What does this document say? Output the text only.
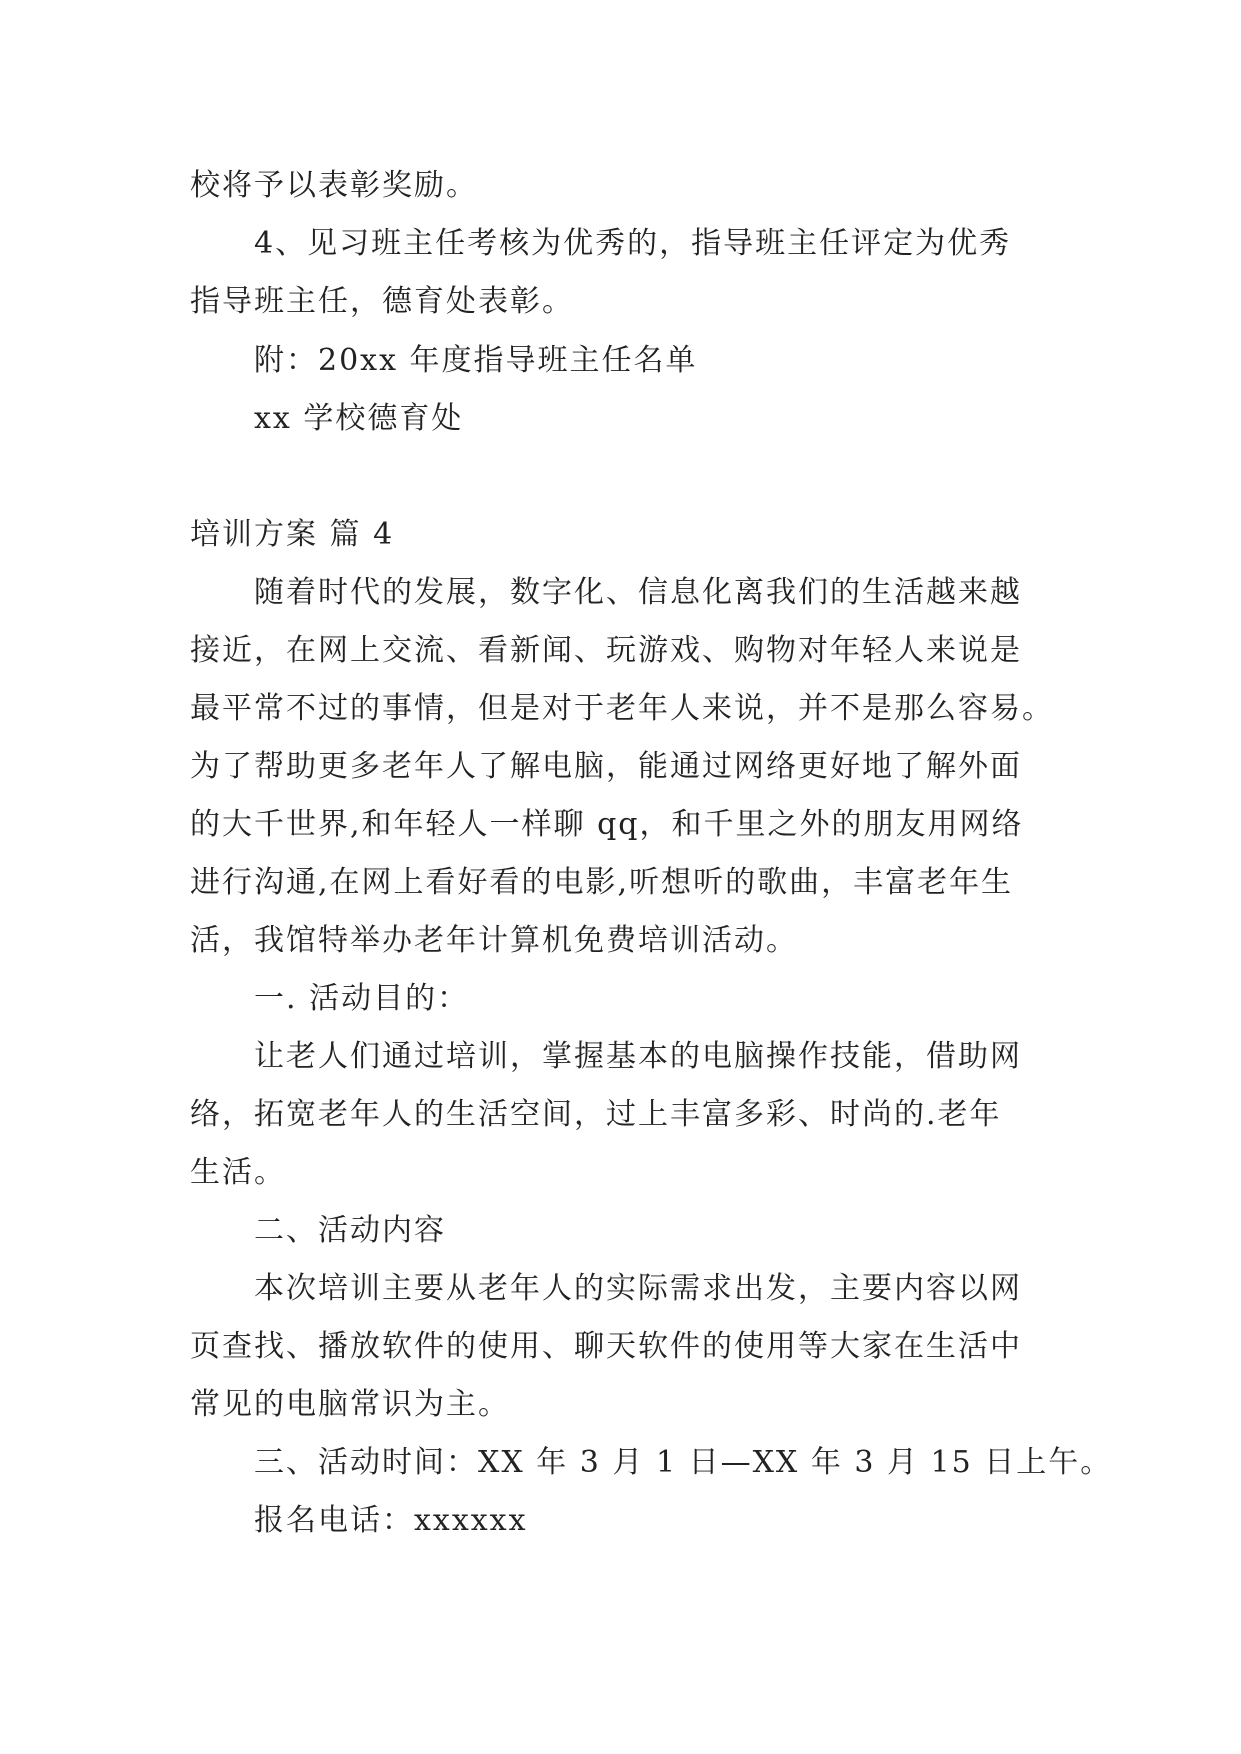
校将予以表彰奖励。
4、见习班主任考核为优秀的，指导班主任评定为优秀
指导班主任，德育处表彰。
附：20xx 年度指导班主任名单
xx 学校德育处
培训方案 篇 4
随着时代的发展，数字化、信息化离我们的生活越来越
接近，在网上交流、看新闻、玩游戏、购物对年轻人来说是
最平常不过的事情，但是对于老年人来说，并不是那么容易。
为了帮助更多老年人了解电脑，能通过网络更好地了解外面
的大千世界,和年轻人一样聊 qq，和千里之外的朋友用网络
进行沟通,在网上看好看的电影,听想听的歌曲，丰富老年生
活，我馆特举办老年计算机免费培训活动。
一. 活动目的：
让老人们通过培训，掌握基本的电脑操作技能，借助网
络，拓宽老年人的生活空间，过上丰富多彩、时尚的.老年
生活。
二、活动内容
本次培训主要从老年人的实际需求出发，主要内容以网
页查找、播放软件的使用、聊天软件的使用等大家在生活中
常见的电脑常识为主。
三、活动时间：XX 年 3 月 1 日—XX 年 3 月 15 日上午。
报名电话：xxxxxx
